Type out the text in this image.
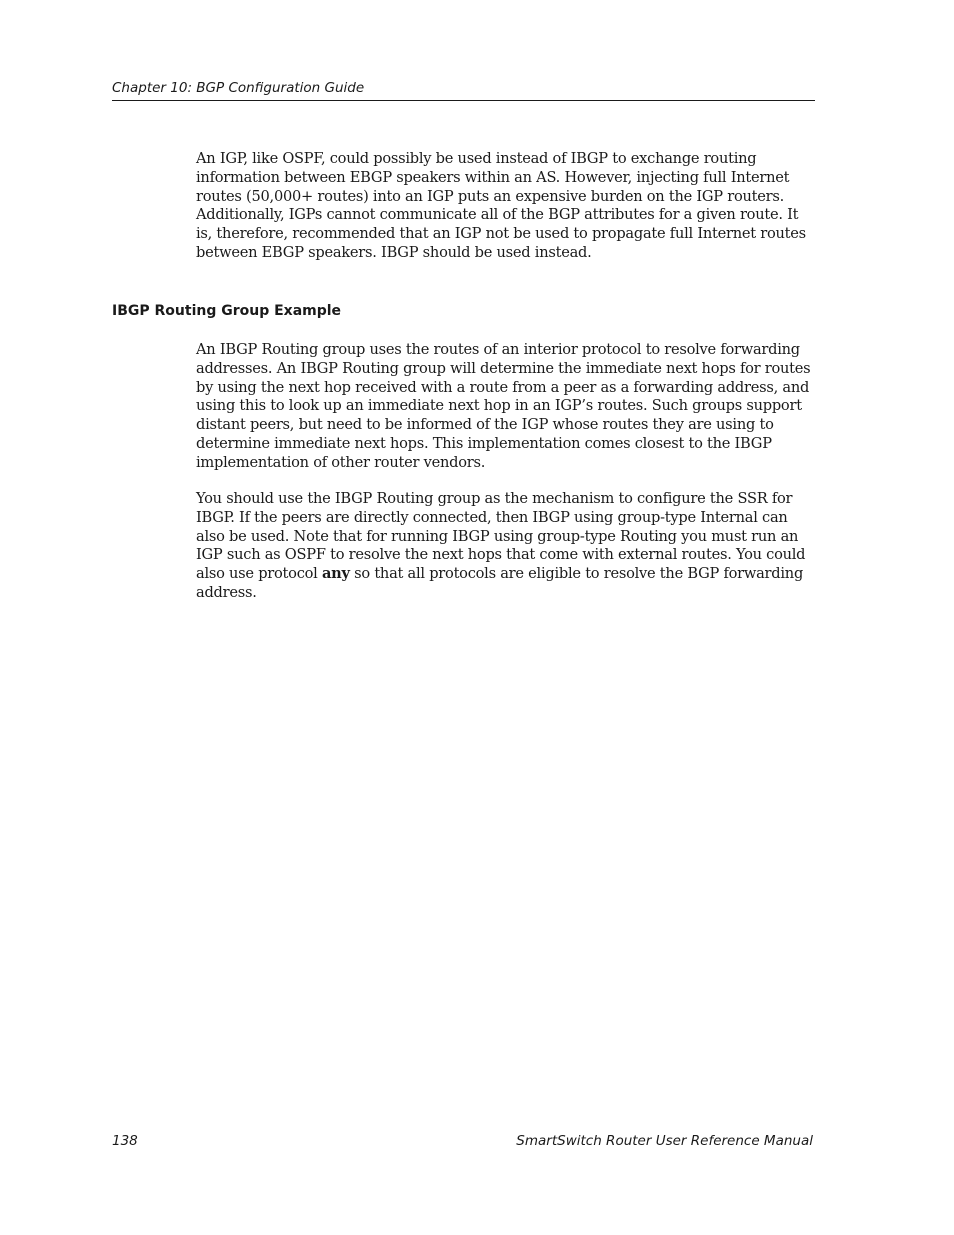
Chapter 10: BGP Configuration Guide

An IGP, like OSPF, could possibly be used instead of IBGP to exchange routing information between EBGP speakers within an AS. However, injecting full Internet routes (50,000+ routes) into an IGP puts an expensive burden on the IGP routers. Additionally, IGPs cannot communicate all of the BGP attributes for a given route. It is, therefore, recommended that an IGP not be used to propagate full Internet routes between EBGP speakers. IBGP should be used instead.

IBGP Routing Group Example

An IBGP Routing group uses the routes of an interior protocol to resolve forwarding addresses. An IBGP Routing group will determine the immediate next hops for routes by using the next hop received with a route from a peer as a forwarding address, and using this to look up an immediate next hop in an IGP’s routes. Such groups support distant peers, but need to be informed of the IGP whose routes they are using to determine immediate next hops. This implementation comes closest to the IBGP implementation of other router vendors.

You should use the IBGP Routing group as the mechanism to configure the SSR for IBGP. If the peers are directly connected, then IBGP using group-type Internal can also be used. Note that for running IBGP using group-type Routing you must run an IGP such as OSPF to resolve the next hops that come with external routes. You could also use protocol any so that all protocols are eligible to resolve the BGP forwarding address.

138	SmartSwitch Router User Reference Manual
